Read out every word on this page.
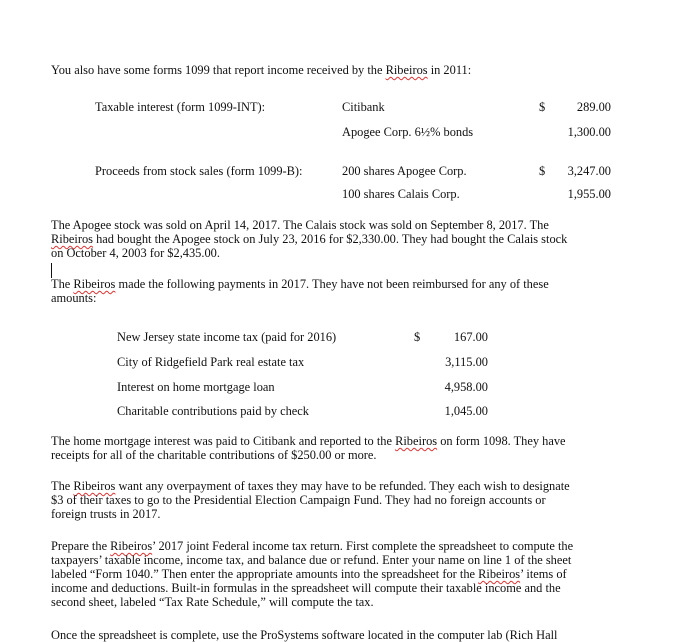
You also have some forms 1099 that report income received by the Ribeiros in 2011:
Taxable interest (form 1099-INT):	Citibank	$	289.00
Apogee Corp. 6½% bonds	1,300.00
Proceeds from stock sales (form 1099-B):	200 shares Apogee Corp.	$	3,247.00
100 shares Calais Corp.	1,955.00
The Apogee stock was sold on April 14, 2017. The Calais stock was sold on September 8, 2017. The
Ribeiros had bought the Apogee stock on July 23, 2016 for $2,330.00. They had bought the Calais stock
on October 4, 2003 for $2,435.00.
The Ribeiros made the following payments in 2017. They have not been reimbursed for any of these
amounts:
New Jersey state income tax (paid for 2016)	$	167.00
City of Ridgefield Park real estate tax	3,115.00
Interest on home mortgage loan	4,958.00
Charitable contributions paid by check	1,045.00
The home mortgage interest was paid to Citibank and reported to the Ribeiros on form 1098. They have
receipts for all of the charitable contributions of $250.00 or more.
The Ribeiros want any overpayment of taxes they may have to be refunded. They each wish to designate
$3 of their taxes to go to the Presidential Election Campaign Fund. They had no foreign accounts or
foreign trusts in 2017.
Prepare the Ribeiros’ 2017 joint Federal income tax return. First complete the spreadsheet to compute the
taxpayers’ taxable income, income tax, and balance due or refund. Enter your name on line 1 of the sheet
labeled “Form 1040.” Then enter the appropriate amounts into the spreadsheet for the Ribeiros’ items of
income and deductions. Built-in formulas in the spreadsheet will compute their taxable income and the
second sheet, labeled “Tax Rate Schedule,” will compute the tax.
Once the spreadsheet is complete, use the ProSystems software located in the computer lab (Rich Hall
